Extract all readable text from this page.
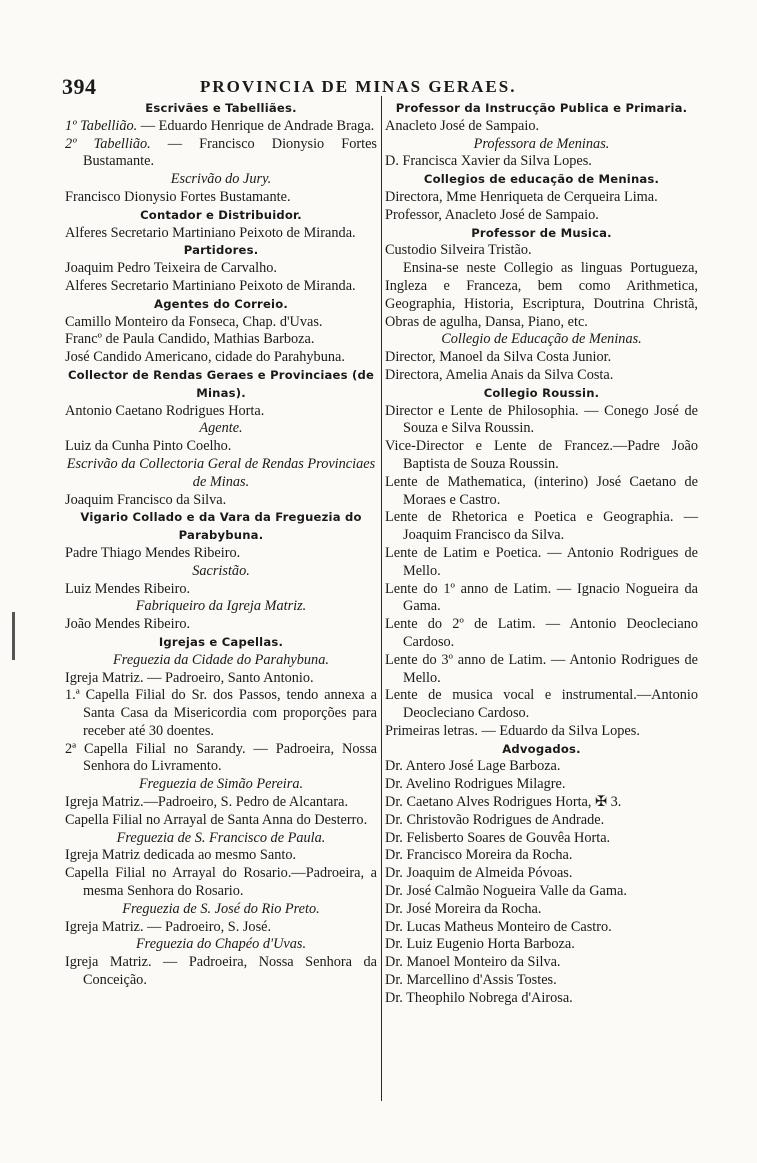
394	PROVINCIA DE MINAS GERAES.
Escrivães e Tabelliães.
1º Tabellião. — Eduardo Henrique de Andrade Braga.
2º Tabellião. — Francisco Dionysio Fortes Bustamante.
Escrivão do Jury.
Francisco Dionysio Fortes Bustamante.
Contador e Distribuidor.
Alferes Secretario Martiniano Peixoto de Miranda.
Partidores.
Joaquim Pedro Teixeira de Carvalho.
Alferes Secretario Martiniano Peixoto de Miranda.
Agentes do Correio.
Camillo Monteiro da Fonseca, Chap. d'Uvas.
Francº de Paula Candido, Mathias Barboza.
José Candido Americano, cidade do Parahybuna.
Collector de Rendas Geraes e Provinciaes (de Minas).
Antonio Caetano Rodrigues Horta.
Agente.
Luiz da Cunha Pinto Coelho.
Escrivão da Collectoria Geral de Rendas Provinciaes de Minas.
Joaquim Francisco da Silva.
Vigario Collado e da Vara da Freguezia do Parabybuna.
Padre Thiago Mendes Ribeiro.
Sacristão.
Luiz Mendes Ribeiro.
Fabriqueiro da Igreja Matriz.
João Mendes Ribeiro.
Igrejas e Capellas.
Freguezia da Cidade do Parahybuna.
Igreja Matriz. — Padroeiro, Santo Antonio.
1.ª Capella Filial do Sr. dos Passos, tendo annexa a Santa Casa da Misericordia com proporções para receber até 30 doentes.
2ª Capella Filial no Sarandy. — Padroeira, Nossa Senhora do Livramento.
Freguezia de Simão Pereira.
Igreja Matriz.—Padroeiro, S. Pedro de Alcantara.
Capella Filial no Arrayal de Santa Anna do Desterro.
Freguezia de S. Francisco de Paula.
Igreja Matriz dedicada ao mesmo Santo.
Capella Filial no Arrayal do Rosario.—Padroeira, a mesma Senhora do Rosario.
Freguezia de S. José do Rio Preto.
Igreja Matriz. — Padroeiro, S. José.
Freguezia do Chapéo d'Uvas.
Igreja Matriz. — Padroeira, Nossa Senhora da Conceição.
Professor da Instrucção Publica e Primaria.
Anacleto José de Sampaio.
Professora de Meninas.
D. Francisca Xavier da Silva Lopes.
Collegios de educação de Meninas.
Directora, Mme Henriqueta de Cerqueira Lima.
Professor, Anacleto José de Sampaio.
Professor de Musica.
Custodio Silveira Tristão.
Ensina-se neste Collegio as linguas Portugueza, Ingleza e Franceza, bem como Arithmetica, Geographia, Historia, Escriptura, Doutrina Christã, Obras de agulha, Dansa, Piano, etc.
Collegio de Educação de Meninas.
Director, Manoel da Silva Costa Junior.
Directora, Amelia Anais da Silva Costa.
Collegio Roussin.
Director e Lente de Philosophia. — Conego José de Souza e Silva Roussin.
Vice-Director e Lente de Francez.—Padre João Baptista de Souza Roussin.
Lente de Mathematica, (interino) José Caetano de Moraes e Castro.
Lente de Rhetorica e Poetica e Geographia. — Joaquim Francisco da Silva.
Lente de Latim e Poetica. — Antonio Rodrigues de Mello.
Lente do 1º anno de Latim. — Ignacio Nogueira da Gama.
Lente do 2º de Latim. — Antonio Deocleciano Cardoso.
Lente do 3º anno de Latim. — Antonio Rodrigues de Mello.
Lente de musica vocal e instrumental.—Antonio Deocleciano Cardoso.
Primeiras letras. — Eduardo da Silva Lopes.
Advogados.
Dr. Antero José Lage Barboza.
Dr. Avelino Rodrigues Milagre.
Dr. Caetano Alves Rodrigues Horta, ✠ 3.
Dr. Christovão Rodrigues de Andrade.
Dr. Felisberto Soares de Gouvêa Horta.
Dr. Francisco Moreira da Rocha.
Dr. Joaquim de Almeida Póvoas.
Dr. José Calmão Nogueira Valle da Gama.
Dr. José Moreira da Rocha.
Dr. Lucas Matheus Monteiro de Castro.
Dr. Luiz Eugenio Horta Barboza.
Dr. Manoel Monteiro da Silva.
Dr. Marcellino d'Assis Tostes.
Dr. Theophilo Nobrega d'Airosa.
